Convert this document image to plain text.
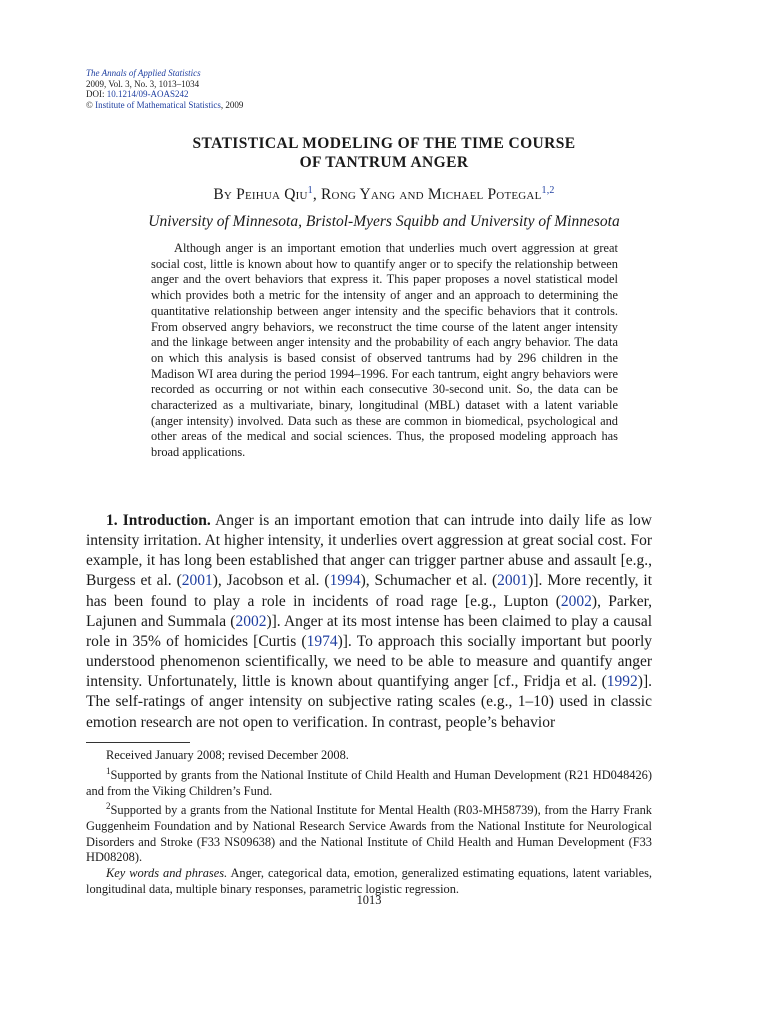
The Annals of Applied Statistics
2009, Vol. 3, No. 3, 1013–1034
DOI: 10.1214/09-AOAS242
© Institute of Mathematical Statistics, 2009
STATISTICAL MODELING OF THE TIME COURSE
OF TANTRUM ANGER
By Peihua Qiu$^1$, Rong Yang and Michael Potegal$^{1,2}$
University of Minnesota, Bristol-Myers Squibb and University of Minnesota
Although anger is an important emotion that underlies much overt aggression at great social cost, little is known about how to quantify anger or to specify the relationship between anger and the overt behaviors that express it. This paper proposes a novel statistical model which provides both a metric for the intensity of anger and an approach to determining the quantitative relationship between anger intensity and the specific behaviors that it controls. From observed angry behaviors, we reconstruct the time course of the latent anger intensity and the linkage between anger intensity and the probability of each angry behavior. The data on which this analysis is based consist of observed tantrums had by 296 children in the Madison WI area during the period 1994–1996. For each tantrum, eight angry behaviors were recorded as occurring or not within each consecutive 30-second unit. So, the data can be characterized as a multivariate, binary, longitudinal (MBL) dataset with a latent variable (anger intensity) involved. Data such as these are common in biomedical, psychological and other areas of the medical and social sciences. Thus, the proposed modeling approach has broad applications.
1. Introduction. Anger is an important emotion that can intrude into daily life as low intensity irritation. At higher intensity, it underlies overt aggression at great social cost. For example, it has long been established that anger can trigger partner abuse and assault [e.g., Burgess et al. (2001), Jacobson et al. (1994), Schumacher et al. (2001)]. More recently, it has been found to play a role in incidents of road rage [e.g., Lupton (2002), Parker, Lajunen and Summala (2002)]. Anger at its most intense has been claimed to play a causal role in 35% of homicides [Curtis (1974)]. To approach this socially important but poorly understood phenomenon scientifically, we need to be able to measure and quantify anger intensity. Unfortunately, little is known about quantifying anger [cf., Fridja et al. (1992)]. The self-ratings of anger intensity on subjective rating scales (e.g., 1–10) used in classic emotion research are not open to verification. In contrast, people’s behavior

Received January 2008; revised December 2008.

$^1$Supported by grants from the National Institute of Child Health and Human Development (R21 HD048426) and from the Viking Children’s Fund.

$^2$Supported by a grants from the National Institute for Mental Health (R03-MH58739), from the Harry Frank Guggenheim Foundation and by National Research Service Awards from the National Institute for Neurological Disorders and Stroke (F33 NS09638) and the National Institute of Child Health and Human Development (F33 HD08208).

Key words and phrases. Anger, categorical data, emotion, generalized estimating equations, latent variables, longitudinal data, multiple binary responses, parametric logistic regression.

1013
